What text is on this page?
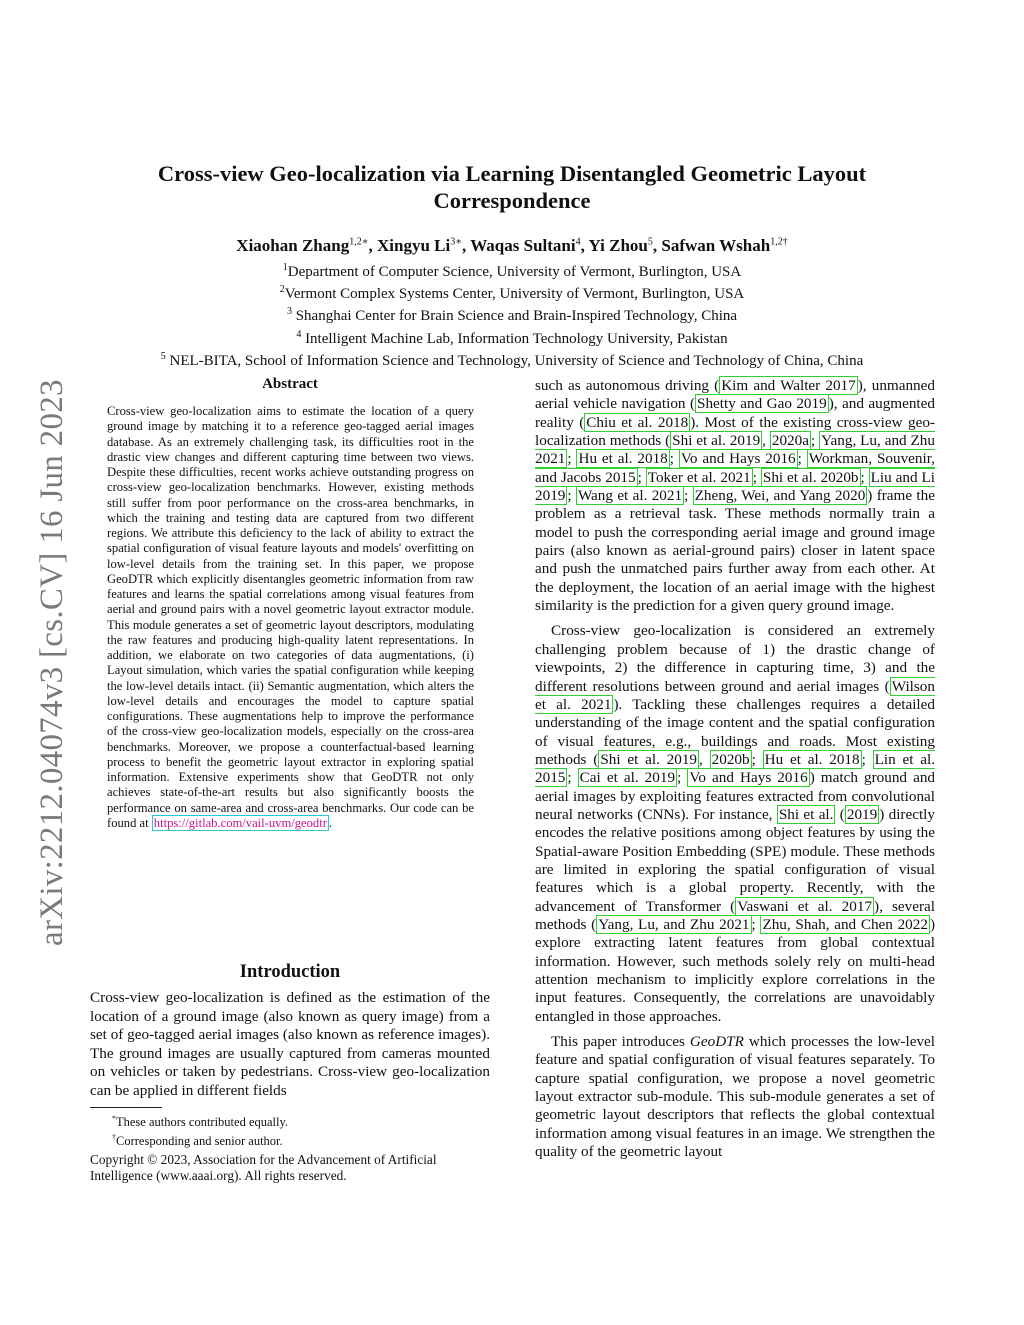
arXiv:2212.04074v3 [cs.CV] 16 Jun 2023
Cross-view Geo-localization via Learning Disentangled Geometric Layout
Correspondence
Xiaohan Zhang$^{1,2∗}$, Xingyu $Li^{3∗}$, Waqas Sultani$^4$, Yi Zhou$^5$, Safwan Wshah$^{1,2\dagger}$
$^1$Department of Computer Science, University of Vermont, Burlington, USA
$^2$Vermont Complex Systems Center, University of Vermont, Burlington, USA
$^3$ Shanghai Center for Brain Science and Brain-Inspired Technology, China
$^4$ Intelligent Machine Lab, Information Technology University, Pakistan
$^5$ NEL-BITA, School of Information Science and Technology, University of Science and Technology of China, China
Abstract
Cross-view geo-localization aims to estimate the location of a query ground image by matching it to a reference geo-tagged aerial images database. As an extremely challenging task, its difficulties root in the drastic view changes and different capturing time between two views. Despite these difficulties, recent works achieve outstanding progress on cross-view geo-localization benchmarks. However, existing methods still suffer from poor performance on the cross-area benchmarks, in which the training and testing data are captured from two different regions. We attribute this deficiency to the lack of ability to extract the spatial configuration of visual feature layouts and models' overfitting on low-level details from the training set. In this paper, we propose GeoDTR which explicitly disentangles geometric information from raw features and learns the spatial correlations among visual features from aerial and ground pairs with a novel geometric layout extractor module. This module generates a set of geometric layout descriptors, modulating the raw features and producing high-quality latent representations. In addition, we elaborate on two categories of data augmentations, (i) Layout simulation, which varies the spatial configuration while keeping the low-level details intact. (ii) Semantic augmentation, which alters the low-level details and encourages the model to capture spatial configurations. These augmentations help to improve the performance of the cross-view geo-localization models, especially on the cross-area benchmarks. Moreover, we propose a counterfactual-based learning process to benefit the geometric layout extractor in exploring spatial information. Extensive experiments show that GeoDTR not only achieves state-of-the-art results but also significantly boosts the performance on same-area and cross-area benchmarks. Our code can be found at https://gitlab.com/vail-uvm/geodtr .
Introduction
Cross-view geo-localization is defined as the estimation of the location of a ground image (also known as query image) from a set of geo-tagged aerial images (also known as reference images). The ground images are usually captured from cameras mounted on vehicles or taken by pedestrians. Cross-view geo-localization can be applied in different fields
*These authors contributed equally.
†Corresponding and senior author.
Copyright © 2023, Association for the Advancement of Artificial Intelligence (www.aaai.org). All rights reserved.

such as autonomous driving ( Kim and Walter 2017 ), unmanned aerial vehicle navigation ( Shetty and Gao 2019 ), and augmented reality ( Chiu et al. 2018 ). Most of the existing cross-view geo-localization methods ( Shi et al. 2019 , 2020a ; Yang, Lu, and Zhu 2021 ; Hu et al. 2018 ; Vo and Hays 2016 ; Workman, Souvenir, and Jacobs 2015 ; Toker et al. 2021 ; Shi et al. 2020b ; Liu and Li 2019 ; Wang et al. 2021 ; Zheng, Wei, and Yang 2020 ) frame the problem as a retrieval task. These methods normally train a model to push the corresponding aerial image and ground image pairs (also known as aerial-ground pairs) closer in latent space and push the unmatched pairs further away from each other. At the deployment, the location of an aerial image with the highest similarity is the prediction for a given query ground image.

Cross-view geo-localization is considered an extremely challenging problem because of 1) the drastic change of viewpoints, 2) the difference in capturing time, 3) and the different resolutions between ground and aerial images ( Wilson et al. 2021 ). Tackling these challenges requires a detailed understanding of the image content and the spatial configuration of visual features, e.g., buildings and roads. Most existing methods ( Shi et al. 2019 , 2020b ; Hu et al. 2018 ; Lin et al. 2015 ; Cai et al. 2019 ; Vo and Hays 2016 ) match ground and aerial images by exploiting features extracted from convolutional neural networks (CNNs). For instance, Shi et al. ( 2019 ) directly encodes the relative positions among object features by using the Spatial-aware Position Embedding (SPE) module. These methods are limited in exploring the spatial configuration of visual features which is a global property. Recently, with the advancement of Transformer ( Vaswani et al. 2017 ), several methods ( Yang, Lu, and Zhu 2021 ; Zhu, Shah, and Chen 2022 ) explore extracting latent features from global contextual information. However, such methods solely rely on multi-head attention mechanism to implicitly explore correlations in the input features. Consequently, the correlations are unavoidably entangled in those approaches.

This paper introduces GeoDTR which processes the low-level feature and spatial configuration of visual features separately. To capture spatial configuration, we propose a novel geometric layout extractor sub-module. This sub-module generates a set of geometric layout descriptors that reflects the global contextual information among visual features in an image. We strengthen the quality of the geometric layout
